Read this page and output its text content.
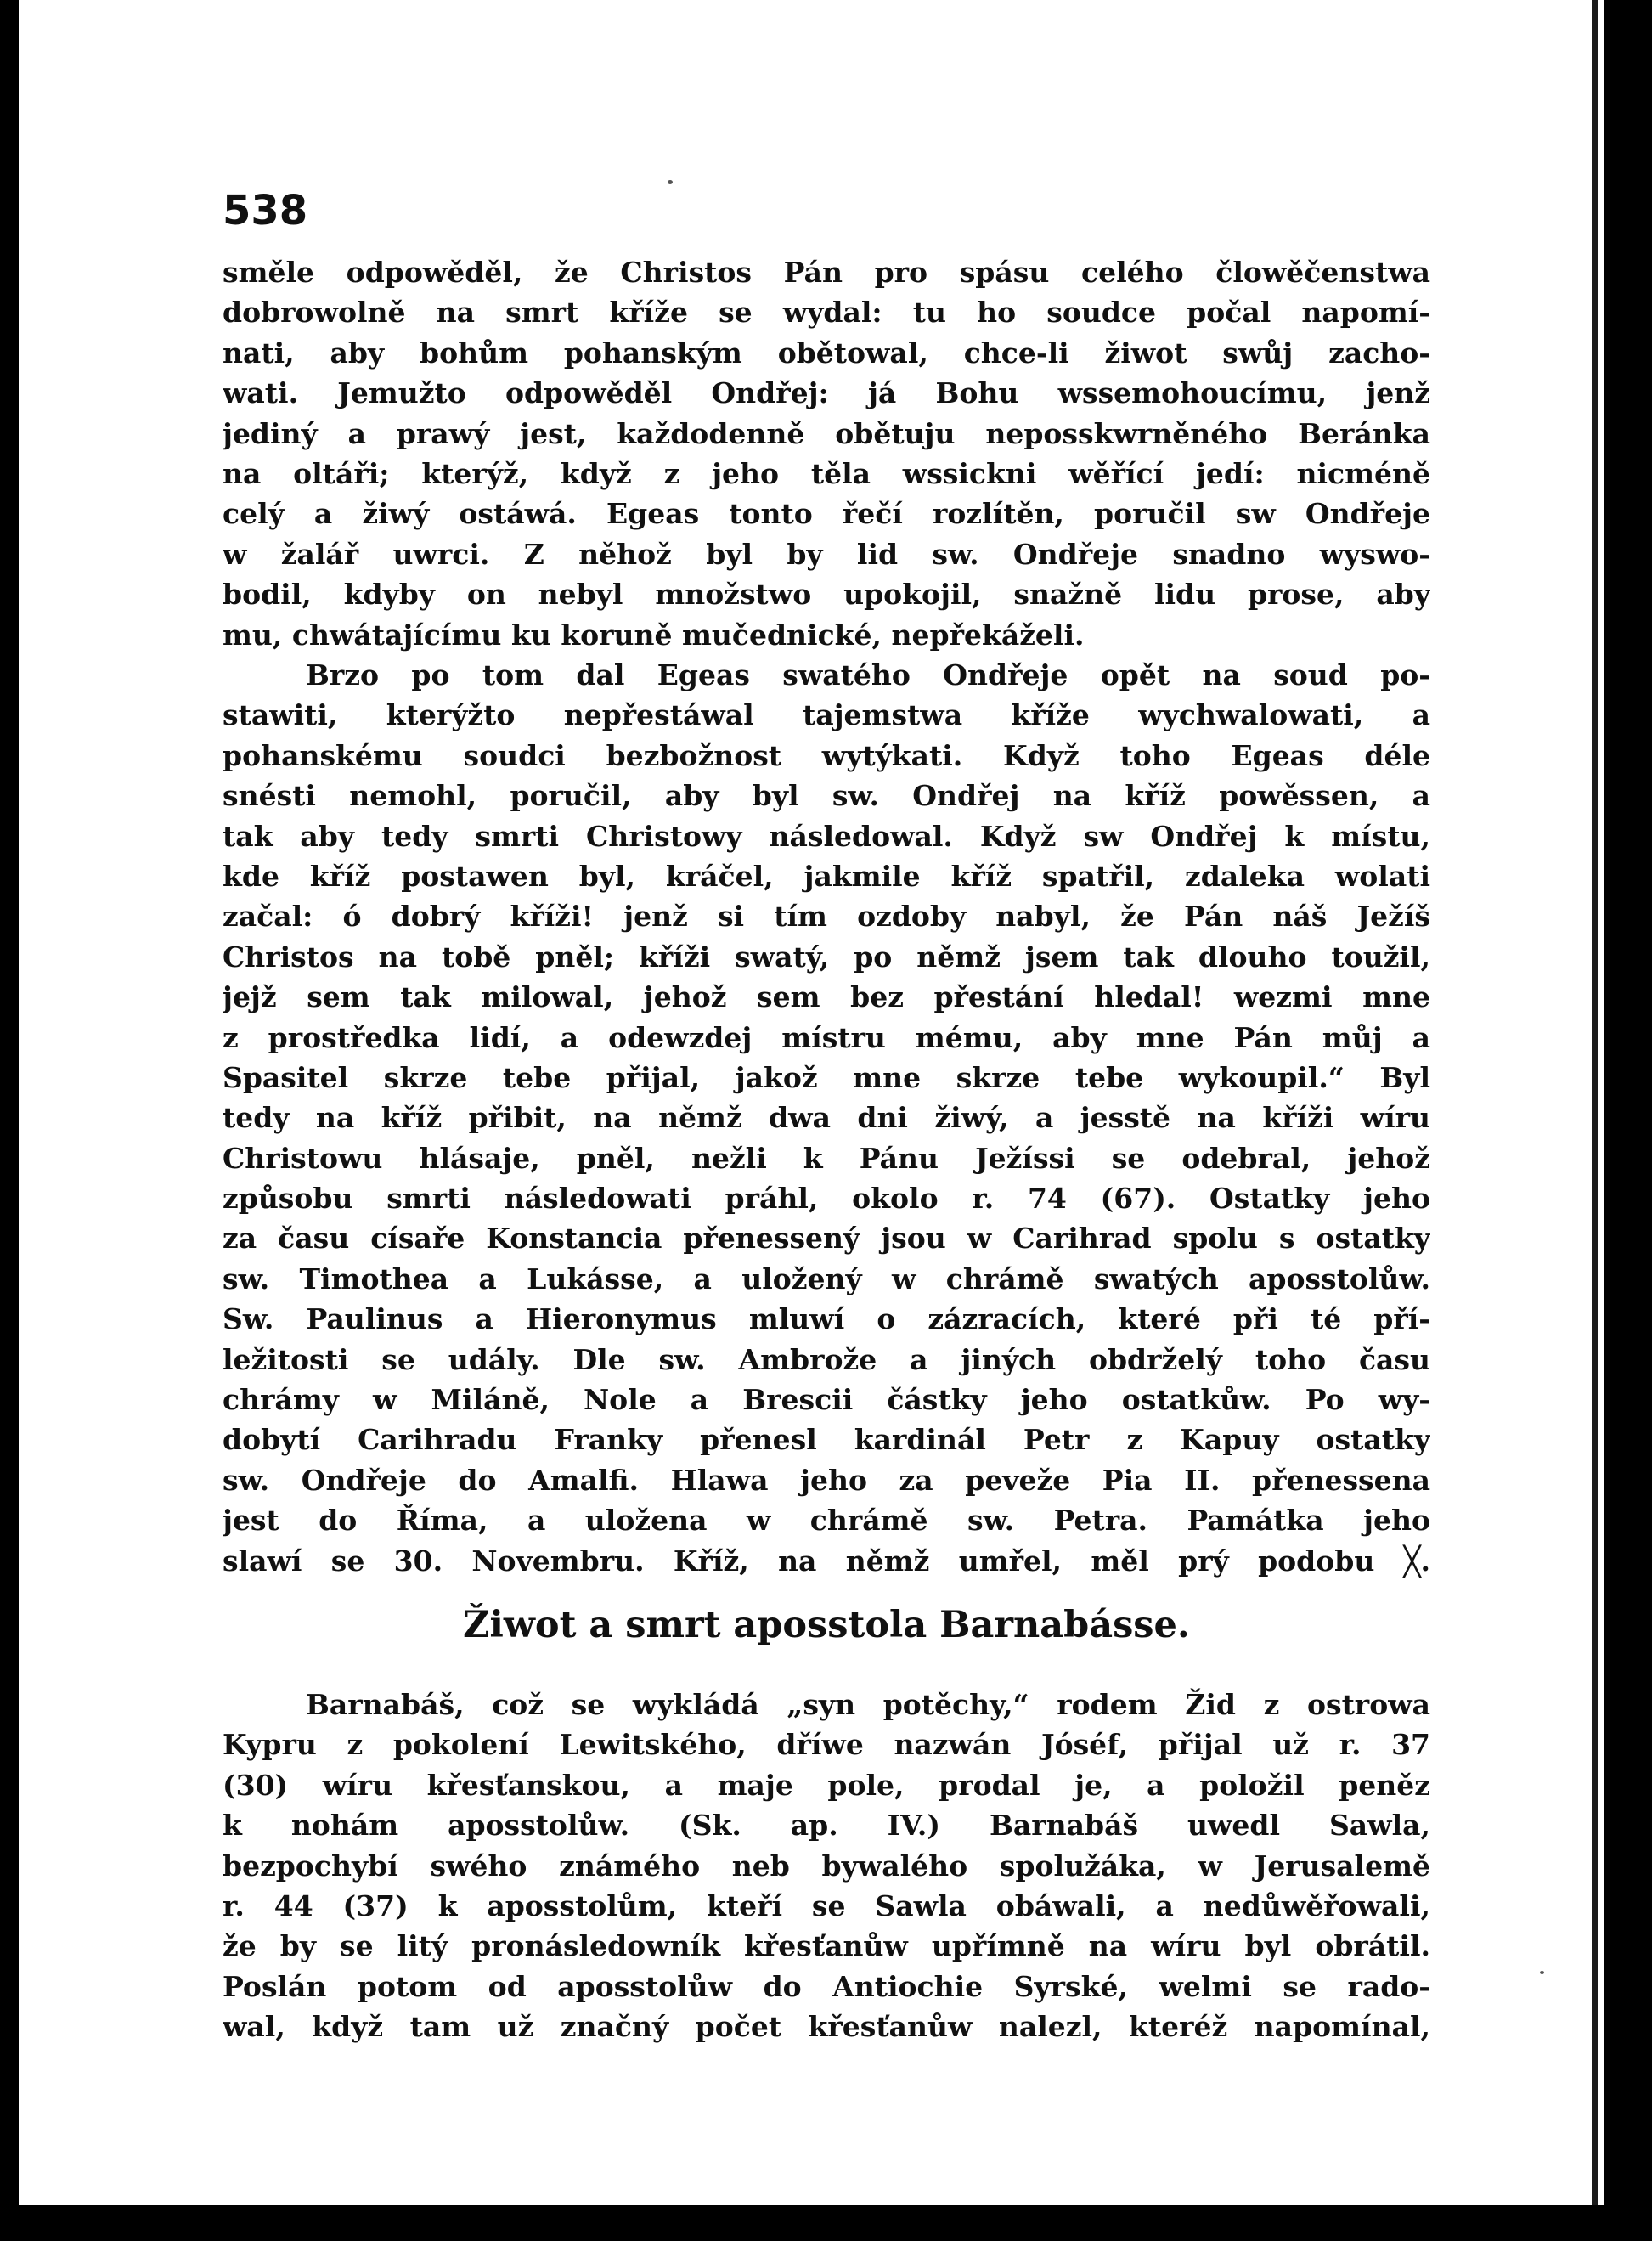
538

směle odpowěděl, že Christos Pán pro spásu celého člowěčenstwa
dobrowolně na smrt kříže se wydal: tu ho soudce počal napomí-
nati, aby bohům pohanským obětowal, chce-li žiwot swůj zacho-
wati. Jemužto odpowěděl Ondřej: já Bohu wssemohoucímu, jenž
jediný a prawý jest, každodenně obětuju neposskwrněného Beránka
na oltáři; kterýž, když z jeho těla wssickni wěřící jedí: nicméně
celý a žiwý ostáwá. Egeas tonto řečí rozlítěn, poručil sw Ondřeje
w žalář uwrci. Z něhož byl by lid sw. Ondřeje snadno wyswo-
bodil, kdyby on nebyl množstwo upokojil, snažně lidu prose, aby
mu, chwátajícímu ku koruně mučednické, nepřekáželi.
Brzo po tom dal Egeas swatého Ondřeje opět na soud po-
stawiti, kterýžto nepřestáwal tajemstwa kříže wychwalowati, a
pohanskému soudci bezbožnost wytýkati. Když toho Egeas déle
snésti nemohl, poručil, aby byl sw. Ondřej na kříž powěssen, a
tak aby tedy smrti Christowy následowal. Když sw Ondřej k místu,
kde kříž postawen byl, kráčel, jakmile kříž spatřil, zdaleka wolati
začal: ó dobrý kříži! jenž si tím ozdoby nabyl, že Pán náš Ježíš
Christos na tobě pněl; kříži swatý, po němž jsem tak dlouho toužil,
jejž sem tak milowal, jehož sem bez přestání hledal! wezmi mne
z prostředka lidí, a odewzdej místru mému, aby mne Pán můj a
Spasitel skrze tebe přijal, jakož mne skrze tebe wykoupil.“ Byl
tedy na kříž přibit, na němž dwa dni žiwý, a jesstě na kříži wíru
Christowu hlásaje, pněl, nežli k Pánu Ježíssi se odebral, jehož
způsobu smrti následowati práhl, okolo r. 74 (67). Ostatky jeho
za času císaře Konstancia přenessený jsou w Carihrad spolu s ostatky
sw. Timothea a Lukásse, a uložený w chrámě swatých aposstolůw.
Sw. Paulinus a Hieronymus mluwí o zázracích, které při té pří-
ležitosti se udály. Dle sw. Ambrože a jiných obdrželý toho času
chrámy w Miláně, Nole a Brescii částky jeho ostatkůw. Po wy-
dobytí Carihradu Franky přenesl kardinál Petr z Kapuy ostatky
sw. Ondřeje do Amalfi. Hlawa jeho za peveže Pia II. přenessena
jest do Říma, a uložena w chrámě sw. Petra. Památka jeho
slawí se 30. Novembru. Kříž, na němž umřel, měl prý podobu ╳.
Žiwot a smrt aposstola Barnabásse.
Barnabáš, což se wykládá „syn potěchy,“ rodem Žid z ostrowa
Kypru z pokolení Lewitského, dříwe nazwán Jóséf, přijal už r. 37
(30) wíru křesťanskou, a maje pole, prodal je, a položil peněz
k nohám aposstolůw. (Sk. ap. IV.) Barnabáš uwedl Sawla,
bezpochybí swého známého neb bywalého spolužáka, w Jerusalemě
r. 44 (37) k aposstolům, kteří se Sawla obáwali, a nedůwěřowali,
že by se litý pronásledowník křesťanůw upřímně na wíru byl obrátil.
Poslán potom od aposstolůw do Antiochie Syrské, welmi se rado-
wal, když tam už značný počet křesťanůw nalezl, kteréž napomínal,
